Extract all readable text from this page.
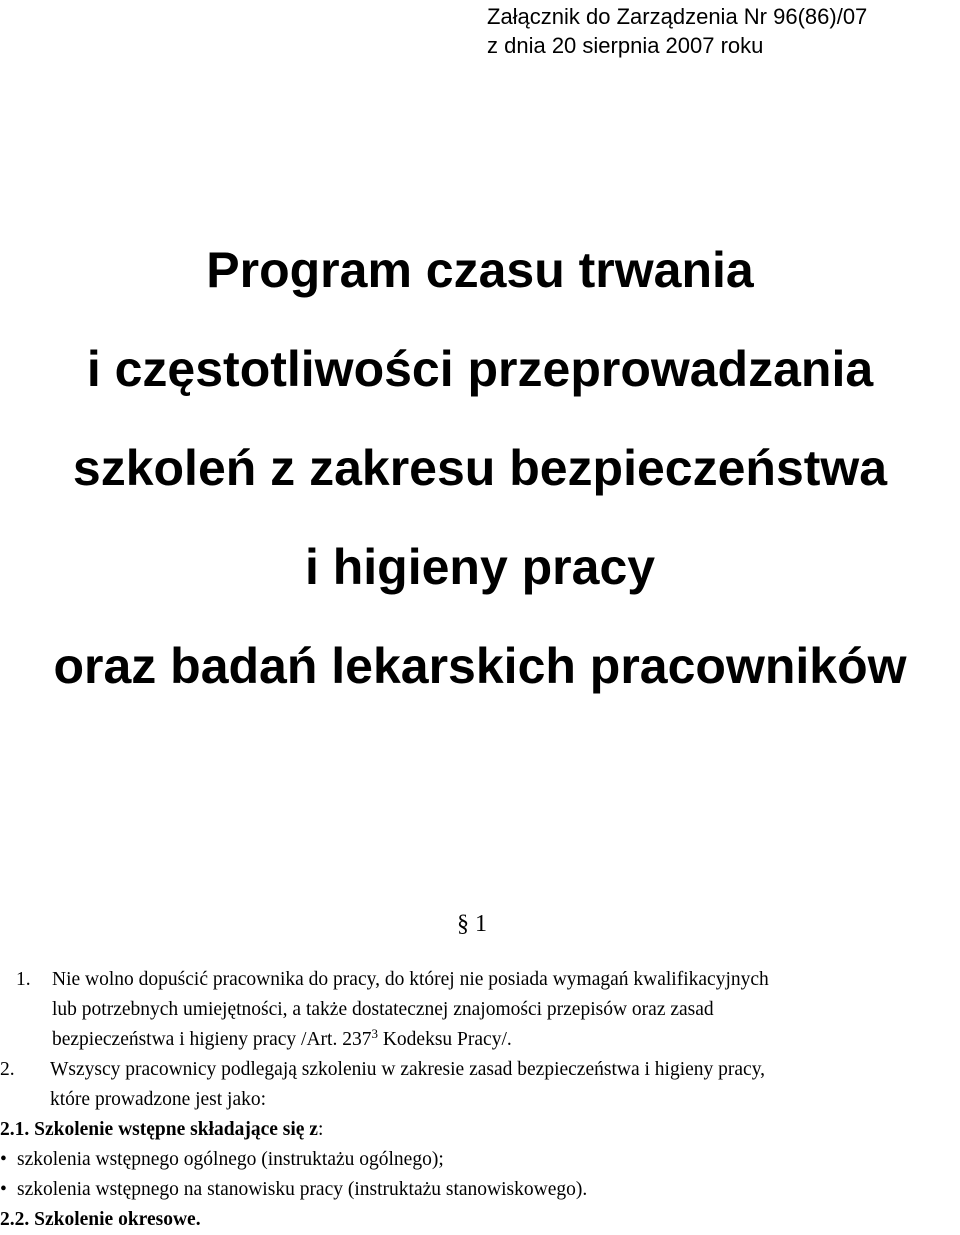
Załącznik do Zarządzenia Nr 96(86)/07
z dnia 20 sierpnia 2007 roku
Program czasu trwania
i częstotliwości przeprowadzania
szkoleń z zakresu bezpieczeństwa
i higieny pracy
oraz badań lekarskich pracowników
§ 1
1. Nie wolno dopuścić pracownika do pracy, do której nie posiada wymagań kwalifikacyjnych
lub potrzebnych umiejętności, a także dostatecznej znajomości przepisów oraz zasad
bezpieczeństwa i higieny pracy /Art. $237^3$ Kodeksu Pracy/.
2. Wszyscy pracownicy podlegają szkoleniu w zakresie zasad bezpieczeństwa i higieny pracy,
które prowadzone jest jako:
2.1. Szkolenie wstępne składające się z:
• szkolenia wstępnego ogólnego (instruktażu ogólnego);
• szkolenia wstępnego na stanowisku pracy (instruktażu stanowiskowego).
2.2. Szkolenie okresowe.
